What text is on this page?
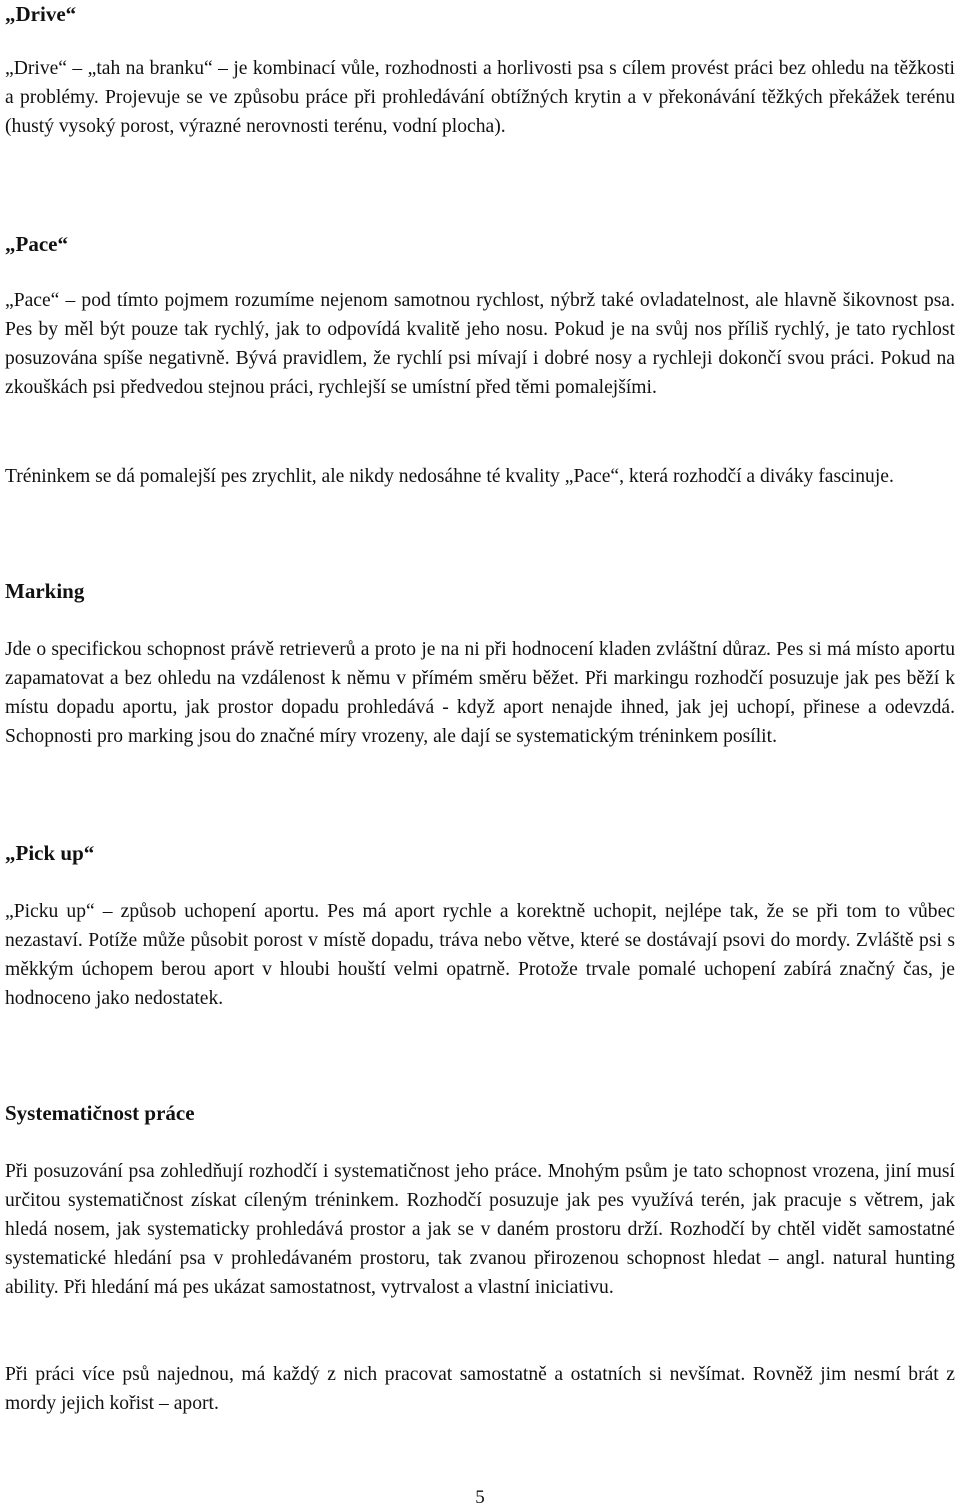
„Drive“
„Drive“ – „tah na branku“ – je kombinací vůle, rozhodnosti a horlivosti psa s cílem provést práci bez ohledu na těžkosti a problémy. Projevuje se ve způsobu práce při prohledávání obtížných krytin a v překonávání těžkých překážek terénu (hustý vysoký porost, výrazné nerovnosti terénu, vodní plocha).
„Pace“
„Pace“ – pod tímto pojmem rozumíme nejenom samotnou rychlost, nýbrž také ovladatelnost, ale hlavně šikovnost psa. Pes by měl být pouze tak rychlý, jak to odpovídá kvalitě jeho nosu. Pokud je na svůj nos příliš rychlý, je tato rychlost posuzována spíše negativně. Bývá pravidlem, že rychlí psi mívají i dobré nosy a rychleji dokončí svou práci. Pokud na zkouškách psi předvedou stejnou práci, rychlejší se umístní před těmi pomalejšími.
Tréninkem se dá pomalejší pes zrychlit, ale nikdy nedosáhne té kvality „Pace“, která rozhodčí a diváky fascinuje.
Marking
Jde o specifickou schopnost právě retrieverů a proto je na ni při hodnocení kladen zvláštní důraz. Pes si má místo aportu zapamatovat a bez ohledu na vzdálenost k němu v přímém směru běžet. Při markingu rozhodčí posuzuje jak pes běží k místu dopadu aportu, jak prostor dopadu prohledává - když aport nenajde ihned, jak jej uchopí, přinese a odevzdá. Schopnosti pro marking jsou do značné míry vrozeny, ale dají se systematickým tréninkem posílit.
„Pick up“
„Picku up“ – způsob uchopení aportu. Pes má aport rychle a korektně uchopit, nejlépe tak, že se při tom to vůbec nezastaví. Potíže může působit porost v místě dopadu, tráva nebo větve, které se dostávají psovi do mordy. Zvláště psi s měkkým úchopem berou aport v hloubi houští velmi opatrně. Protože trvale pomalé uchopení zabírá značný čas, je hodnoceno jako nedostatek.
Systematičnost práce
Při posuzování psa zohledňují rozhodčí i systematičnost jeho práce. Mnohým psům je tato schopnost vrozena, jiní musí určitou systematičnost získat cíleným tréninkem. Rozhodčí posuzuje jak pes využívá terén, jak pracuje s větrem, jak hledá nosem, jak systematicky prohledává prostor a jak se v daném prostoru drží. Rozhodčí by chtěl vidět samostatné systematické hledání psa v prohledávaném prostoru, tak zvanou přirozenou schopnost hledat – angl. natural hunting ability. Při hledání má pes ukázat samostatnost, vytrvalost a vlastní iniciativu.
Při práci více psů najednou, má každý z nich pracovat samostatně a ostatních si nevšímat. Rovněž jim nesmí brát z mordy jejich kořist – aport.
5
